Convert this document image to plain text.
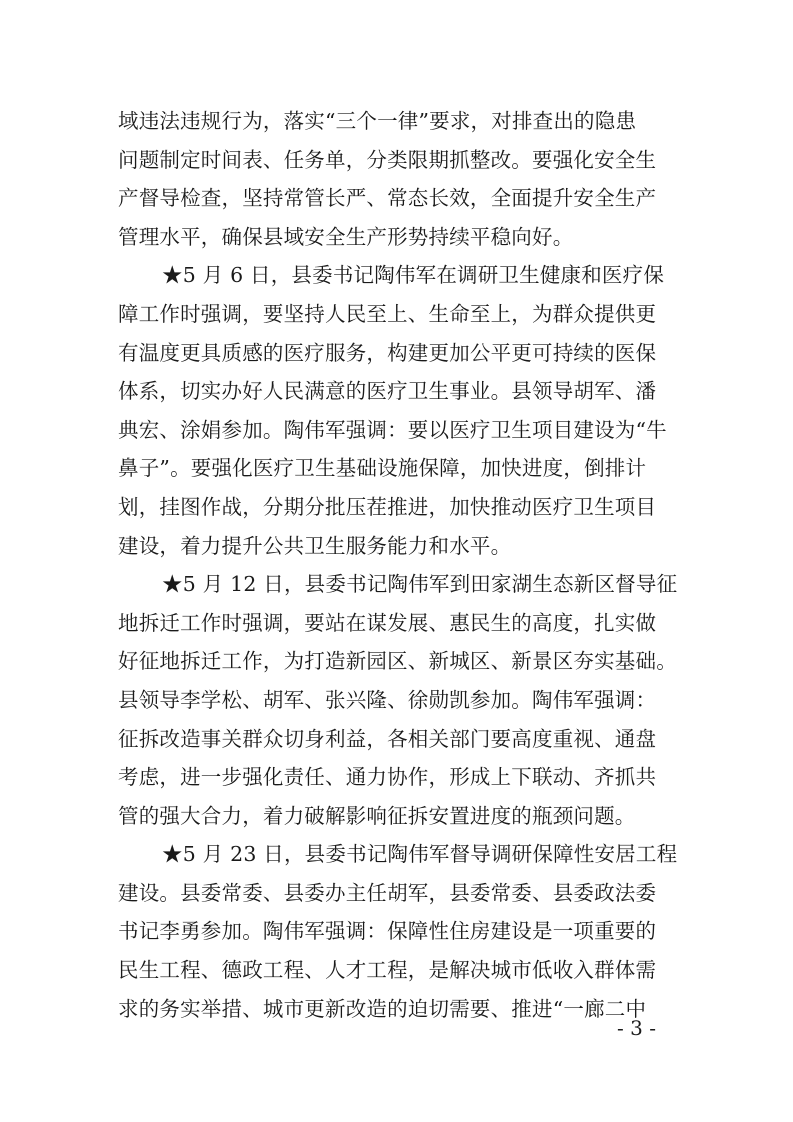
域违法违规行为，落实“三个一律”要求，对排查出的隐患
问题制定时间表、任务单，分类限期抓整改。要强化安全生
产督导检查，坚持常管长严、常态长效，全面提升安全生产
管理水平，确保县域安全生产形势持续平稳向好。
★5 月 6 日，县委书记陶伟军在调研卫生健康和医疗保
障工作时强调，要坚持人民至上、生命至上，为群众提供更
有温度更具质感的医疗服务，构建更加公平更可持续的医保
体系，切实办好人民满意的医疗卫生事业。县领导胡军、潘
典宏、涂娟参加。陶伟军强调：要以医疗卫生项目建设为“牛
鼻子”。要强化医疗卫生基础设施保障，加快进度，倒排计
划，挂图作战，分期分批压茬推进，加快推动医疗卫生项目
建设，着力提升公共卫生服务能力和水平。
★5 月 12 日，县委书记陶伟军到田家湖生态新区督导征
地拆迁工作时强调，要站在谋发展、惠民生的高度，扎实做
好征地拆迁工作，为打造新园区、新城区、新景区夯实基础。
县领导李学松、胡军、张兴隆、徐勋凯参加。陶伟军强调：
征拆改造事关群众切身利益，各相关部门要高度重视、通盘
考虑，进一步强化责任、通力协作，形成上下联动、齐抓共
管的强大合力，着力破解影响征拆安置进度的瓶颈问题。
★5 月 23 日，县委书记陶伟军督导调研保障性安居工程
建设。县委常委、县委办主任胡军，县委常委、县委政法委
书记李勇参加。陶伟军强调：保障性住房建设是一项重要的
民生工程、德政工程、人才工程，是解决城市低收入群体需
求的务实举措、城市更新改造的迫切需要、推进“一廊二中
- 3 -
